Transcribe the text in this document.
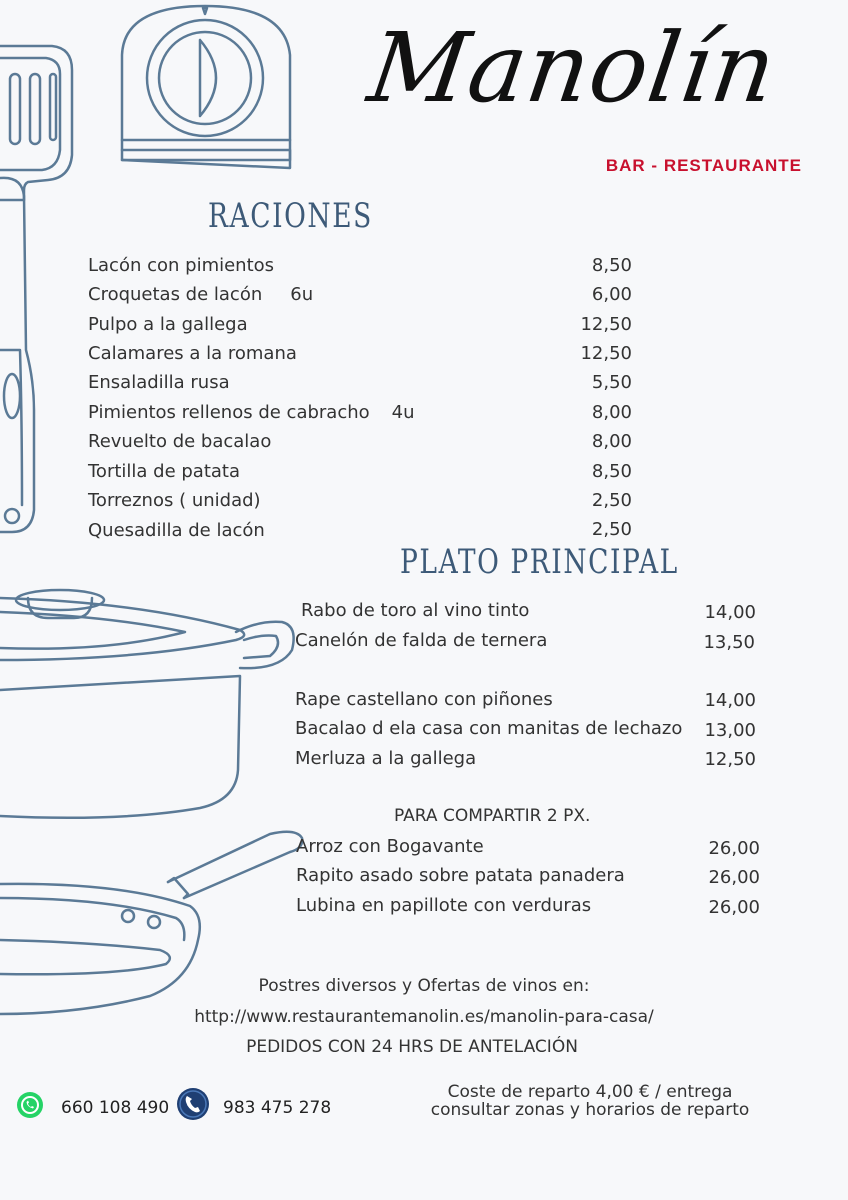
Manolín
BAR - RESTAURANTE
RACIONES
Lacón con pimientos	8,50
Croquetas de lacón 6u	6,00
Pulpo a la gallega	12,50
Calamares a la romana	12,50
Ensaladilla rusa	5,50
Pimientos rellenos de cabracho 4u	8,00
Revuelto de bacalao	8,00
Tortilla de patata	8,50
Torreznos ( unidad)	2,50
Quesadilla de lacón	2,50
PLATO PRINCIPAL
Rabo de toro al vino tinto	14,00
Canelón de falda de ternera	13,50
Rape castellano con piñones	14,00
Bacalao d ela casa con manitas de lechazo	13,00
Merluza a la gallega	12,50
PARA COMPARTIR 2 PX.
Arroz con Bogavante	26,00
Rapito asado sobre patata panadera	26,00
Lubina en papillote con verduras	26,00
Postres diversos y Ofertas de vinos en:
http://www.restaurantemanolin.es/manolin-para-casa/
PEDIDOS CON 24 HRS DE ANTELACIÓN
660 108 490	983 475 278
Coste de reparto 4,00 € / entrega
consultar zonas y horarios de reparto
